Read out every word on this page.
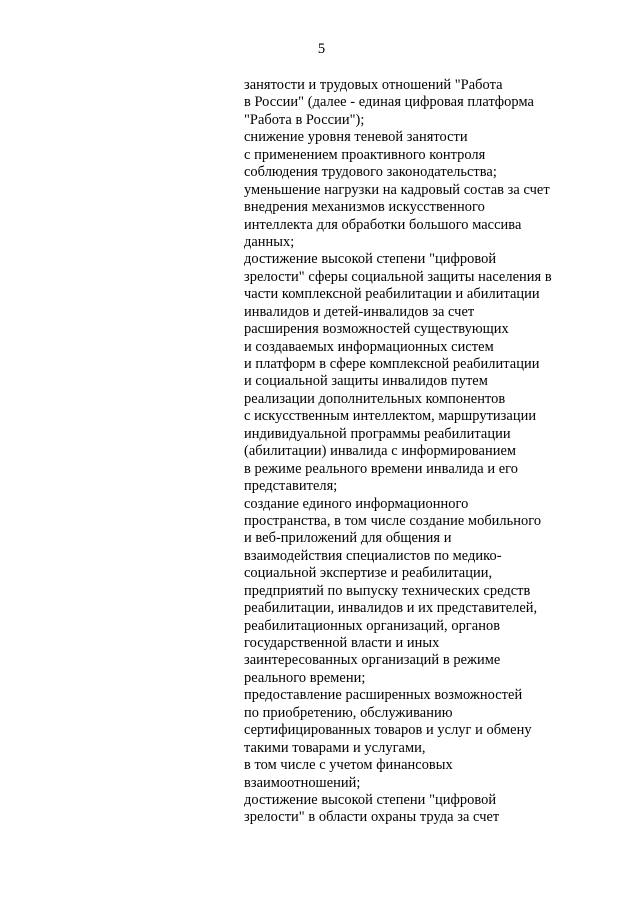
5
занятости и трудовых отношений "Работа
в России" (далее - единая цифровая платформа
"Работа в России");
снижение уровня теневой занятости
с применением проактивного контроля
соблюдения трудового законодательства;
уменьшение нагрузки на кадровый состав за счет
внедрения механизмов искусственного
интеллекта для обработки большого массива
данных;
достижение высокой степени "цифровой
зрелости" сферы социальной защиты населения в
части комплексной реабилитации и абилитации
инвалидов и детей-инвалидов за счет
расширения возможностей существующих
и создаваемых информационных систем
и платформ в сфере комплексной реабилитации
и социальной защиты инвалидов путем
реализации дополнительных компонентов
с искусственным интеллектом, маршрутизации
индивидуальной программы реабилитации
(абилитации) инвалида с информированием
в режиме реального времени инвалида и его
представителя;
создание единого информационного
пространства, в том числе создание мобильного
и веб-приложений для общения и
взаимодействия специалистов по медико-
социальной экспертизе и реабилитации,
предприятий по выпуску технических средств
реабилитации, инвалидов и их представителей,
реабилитационных организаций, органов
государственной власти и иных
заинтересованных организаций в режиме
реального времени;
предоставление расширенных возможностей
по приобретению, обслуживанию
сертифицированных товаров и услуг и обмену
такими товарами и услугами,
в том числе с учетом финансовых
взаимоотношений;
достижение высокой степени "цифровой
зрелости" в области охраны труда за счет
